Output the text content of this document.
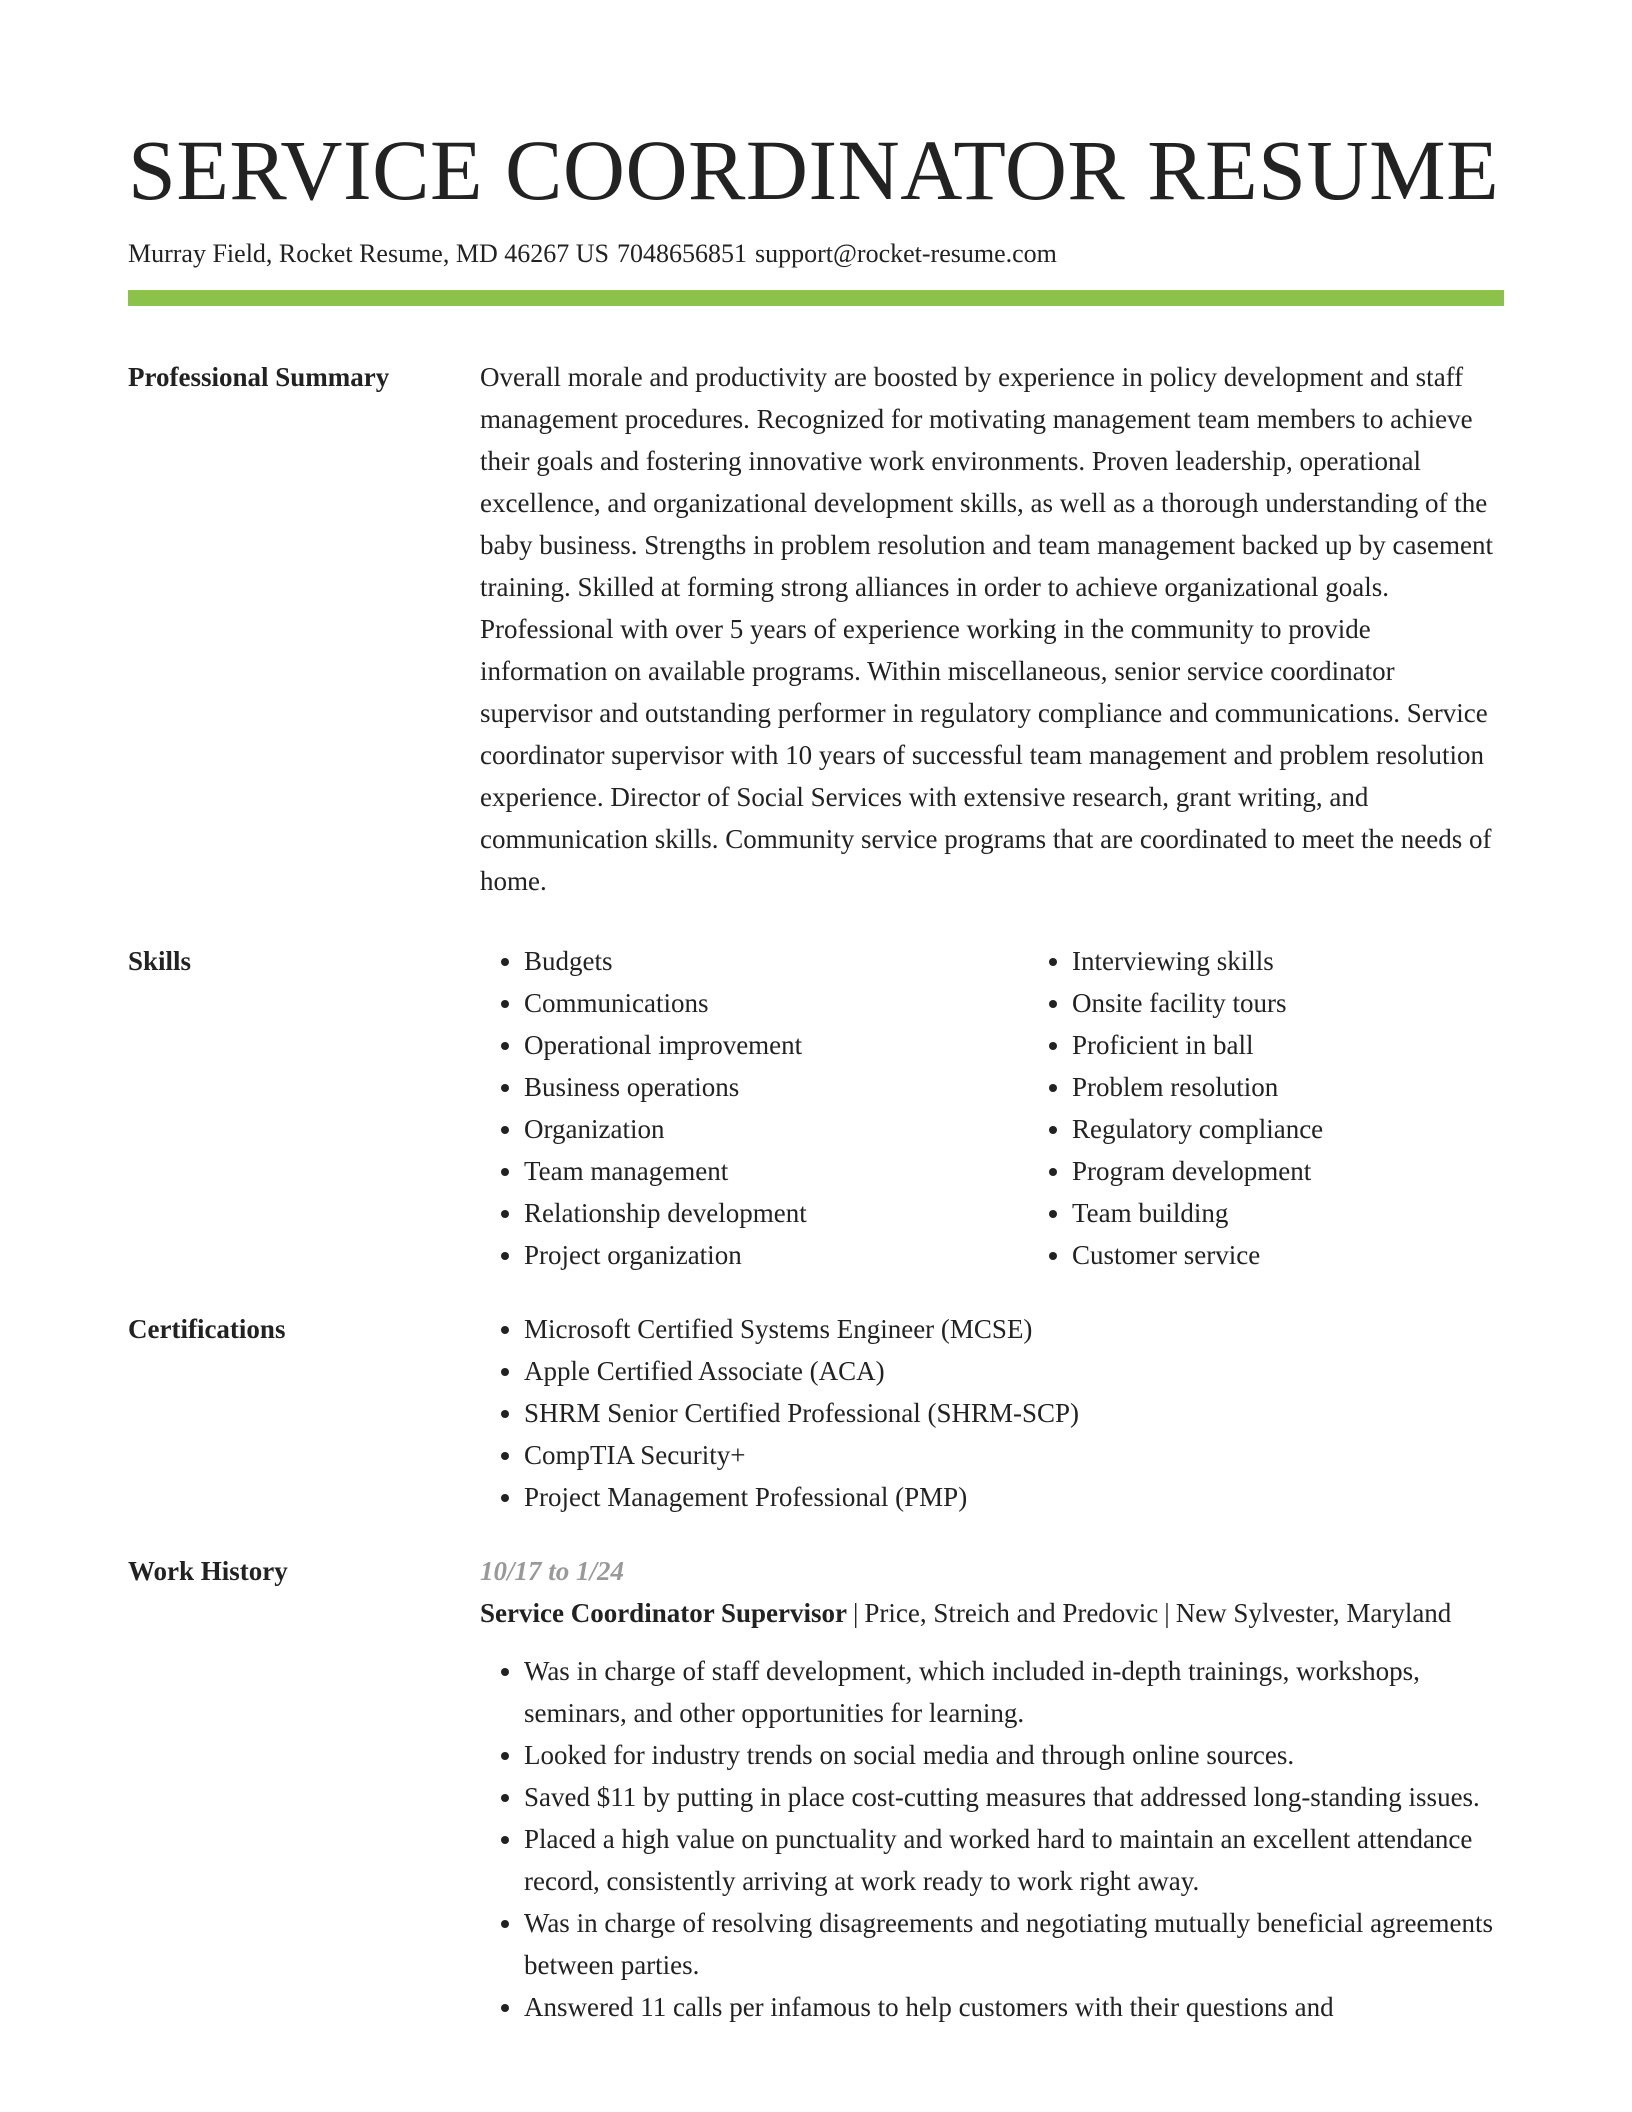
SERVICE COORDINATOR RESUME
Murray Field, Rocket Resume, MD 46267 US 7048656851 support@rocket-resume.com
Professional Summary	Overall morale and productivity are boosted by experience in policy development and staff management procedures. Recognized for motivating management team members to achieve their goals and fostering innovative work environments. Proven leadership, operational excellence, and organizational development skills, as well as a thorough understanding of the baby business. Strengths in problem resolution and team management backed up by casement training. Skilled at forming strong alliances in order to achieve organizational goals. Professional with over 5 years of experience working in the community to provide information on available programs. Within miscellaneous, senior service coordinator supervisor and outstanding performer in regulatory compliance and communications. Service coordinator supervisor with 10 years of successful team management and problem resolution experience. Director of Social Services with extensive research, grant writing, and communication skills. Community service programs that are coordinated to meet the needs of home.

Skills	• Budgets
• Communications
• Operational improvement
• Business operations
• Organization
• Team management
• Relationship development
• Project organization
• Interviewing skills
• Onsite facility tours
• Proficient in ball
• Problem resolution
• Regulatory compliance
• Program development
• Team building
• Customer service
Certifications	• Microsoft Certified Systems Engineer (MCSE)
• Apple Certified Associate (ACA)
• SHRM Senior Certified Professional (SHRM-SCP)
• CompTIA Security+
• Project Management Professional (PMP)
Work History	10/17 to 1/24

Service Coordinator Supervisor | Price, Streich and Predovic | New Sylvester, Maryland

• Was in charge of staff development, which included in-depth trainings, workshops, seminars, and other opportunities for learning.
• Looked for industry trends on social media and through online sources.
• Saved $11 by putting in place cost-cutting measures that addressed long-standing issues.
• Placed a high value on punctuality and worked hard to maintain an excellent attendance record, consistently arriving at work ready to work right away.
• Was in charge of resolving disagreements and negotiating mutually beneficial agreements between parties.
• Answered 11 calls per infamous to help customers with their questions and
